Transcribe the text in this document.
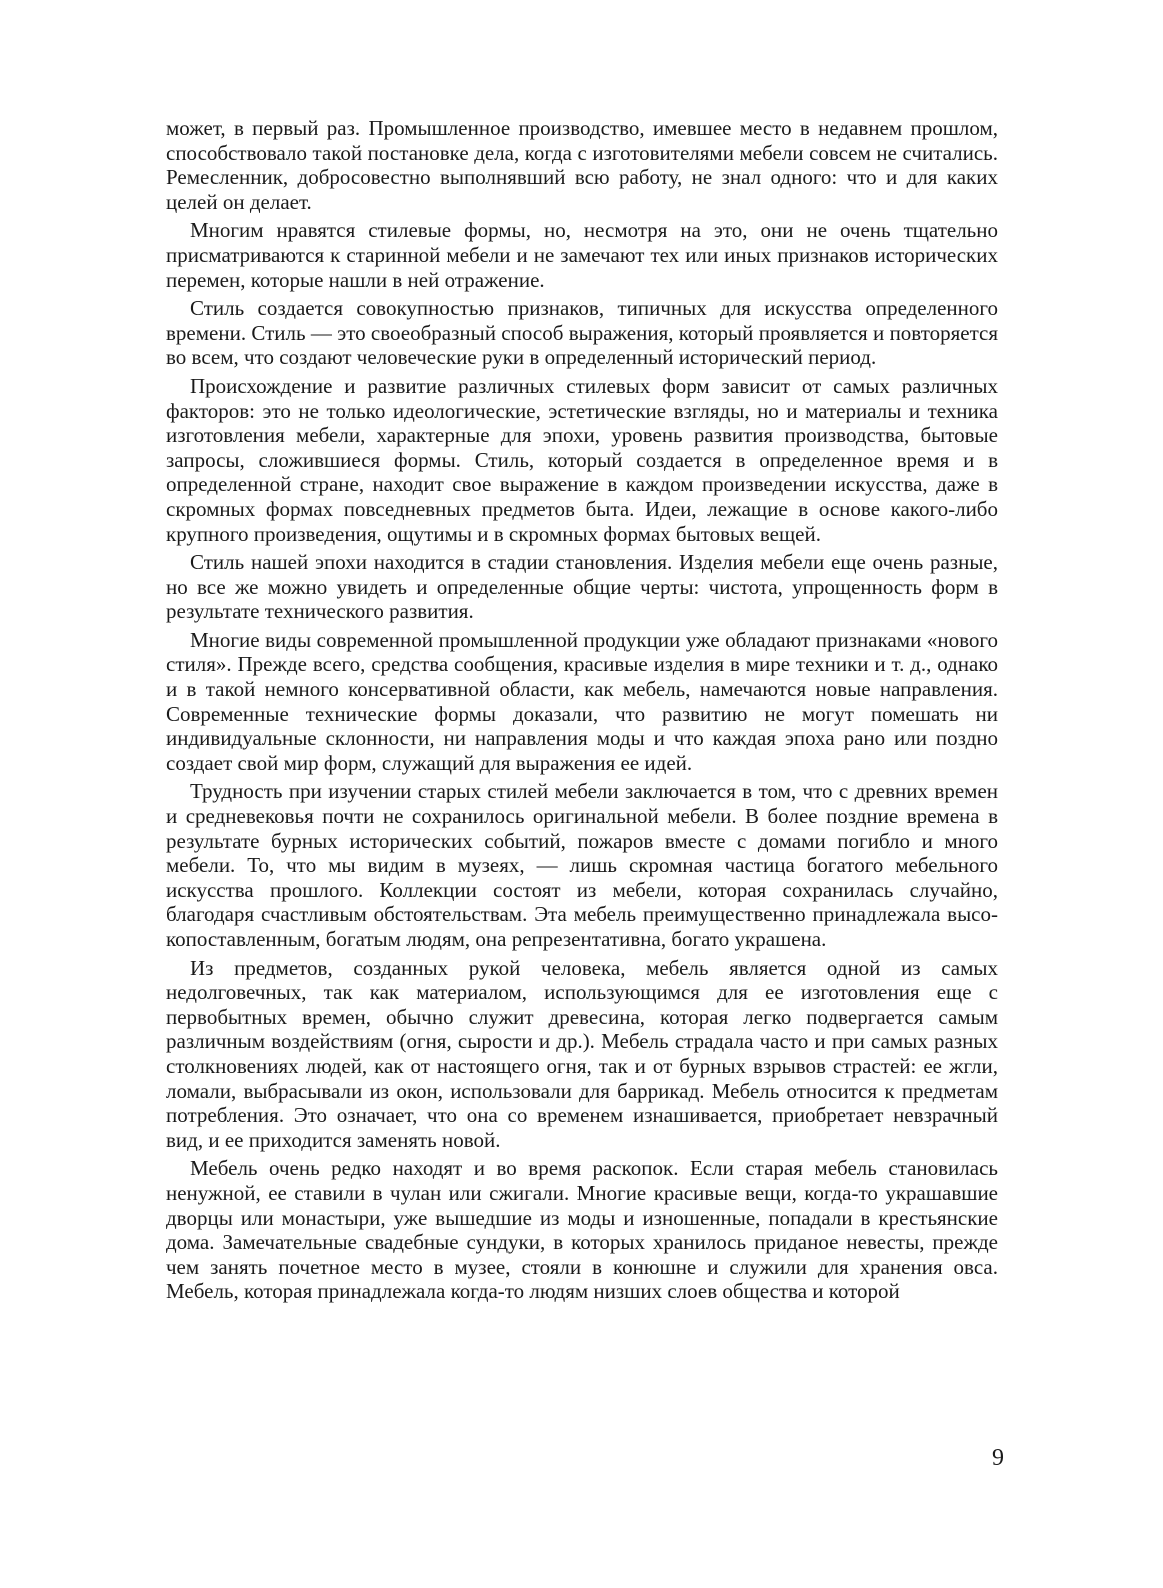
может, в первый раз. Промышленное производство, имевшее место в недавнем прошлом, способствовало такой постановке дела, когда с изготовителями мебели совсем не считались. Ремесленник, добросовестно выполнявший всю работу, не знал одного: что и для каких целей он делает.

Многим нравятся стилевые формы, но, несмотря на это, они не очень тщательно присматриваются к старинной мебели и не замечают тех или иных признаков исторических перемен, которые нашли в ней отражение.

Стиль создается совокупностью признаков, типичных для искусства определенного времени. Стиль — это своеобразный способ выражения, который проявляется и повторяется во всем, что создают человеческие руки в определенный исторический период.

Происхождение и развитие различных стилевых форм зависит от самых различных факторов: это не только идеологические, эстетические взгляды, но и материалы и техника изготовления мебели, характерные для эпохи, уровень развития производства, бытовые запросы, сложившиеся формы. Стиль, который создается в определенное время и в определенной стране, находит свое выражение в каждом произведении искусства, даже в скромных формах повседневных предметов быта. Идеи, лежащие в основе какого-либо крупного произведения, ощутимы и в скромных формах бытовых вещей.

Стиль нашей эпохи находится в стадии становления. Изделия мебели еще очень разные, но все же можно увидеть и определенные общие черты: чистота, упрощенность форм в результате технического развития.

Многие виды современной промышленной продукции уже обладают признаками «нового стиля». Прежде всего, средства сообщения, красивые изделия в мире техники и т. д., однако и в такой немного консервативной области, как мебель, намечаются новые направления. Современные технические формы доказали, что развитию не могут помешать ни индивидуальные склонности, ни направления моды и что каждая эпоха рано или поздно создает свой мир форм, служащий для выражения ее идей.

Трудность при изучении старых стилей мебели заключается в том, что с древних времен и средневековья почти не сохранилось оригинальной мебели. В более поздние времена в результате бурных исторических событий, пожаров вместе с домами погибло и много мебели. То, что мы видим в музеях, — лишь скромная частица богатого мебельного искусства прошлого. Коллекции состоят из мебели, которая сохранилась случайно, благодаря счастливым обстоятельствам. Эта мебель преимущественно принадлежала высокопоставленным, богатым людям, она репрезентативна, богато украшена.

Из предметов, созданных рукой человека, мебель является одной из самых недолговечных, так как материалом, использующимся для ее изготовления еще с первобытных времен, обычно служит древесина, которая легко подвергается самым различным воздействиям (огня, сырости и др.). Мебель страдала часто и при самых разных столкновениях людей, как от настоящего огня, так и от бурных взрывов страстей: ее жгли, ломали, выбрасывали из окон, использовали для баррикад. Мебель относится к предметам потребления. Это означает, что она со временем изнашивается, приобретает невзрачный вид, и ее приходится заменять новой.

Мебель очень редко находят и во время раскопок. Если старая мебель становилась ненужной, ее ставили в чулан или сжигали. Многие красивые вещи, когда-то украшавшие дворцы или монастыри, уже вышедшие из моды и изношенные, попадали в крестьянские дома. Замечательные свадебные сундуки, в которых хранилось приданое невесты, прежде чем занять почетное место в музее, стояли в конюшне и служили для хранения овса. Мебель, которая принадлежала когда-то людям низших слоев общества и которой

9
